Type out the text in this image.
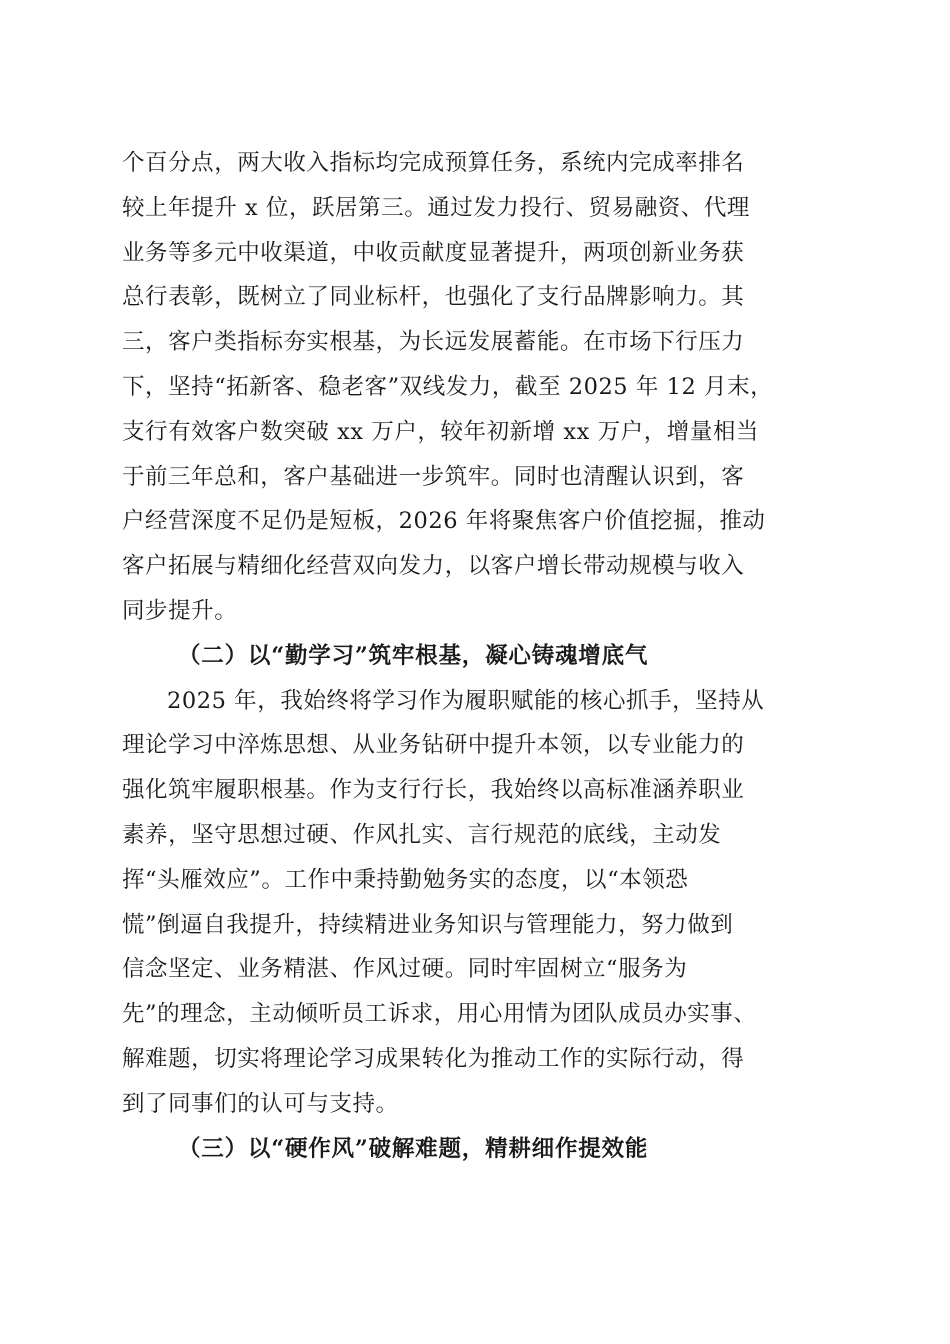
个百分点，两大收入指标均完成预算任务，系统内完成率排名
较上年提升 x 位，跃居第三。通过发力投行、贸易融资、代理
业务等多元中收渠道，中收贡献度显著提升，两项创新业务获
总行表彰，既树立了同业标杆，也强化了支行品牌影响力。其
三，客户类指标夯实根基，为长远发展蓄能。在市场下行压力
下，坚持“拓新客、稳老客”双线发力，截至 2025 年 12 月末，
支行有效客户数突破 xx 万户，较年初新增 xx 万户，增量相当
于前三年总和，客户基础进一步筑牢。同时也清醒认识到，客
户经营深度不足仍是短板，2026 年将聚焦客户价值挖掘，推动
客户拓展与精细化经营双向发力，以客户增长带动规模与收入
同步提升。
（二）以“勤学习”筑牢根基，凝心铸魂增底气
2025 年，我始终将学习作为履职赋能的核心抓手，坚持从
理论学习中淬炼思想、从业务钻研中提升本领，以专业能力的
强化筑牢履职根基。作为支行行长，我始终以高标准涵养职业
素养，坚守思想过硬、作风扎实、言行规范的底线，主动发
挥“头雁效应”。工作中秉持勤勉务实的态度，以“本领恐
慌”倒逼自我提升，持续精进业务知识与管理能力，努力做到
信念坚定、业务精湛、作风过硬。同时牢固树立“服务为
先”的理念，主动倾听员工诉求，用心用情为团队成员办实事、
解难题，切实将理论学习成果转化为推动工作的实际行动，得
到了同事们的认可与支持。
（三）以“硬作风”破解难题，精耕细作提效能
